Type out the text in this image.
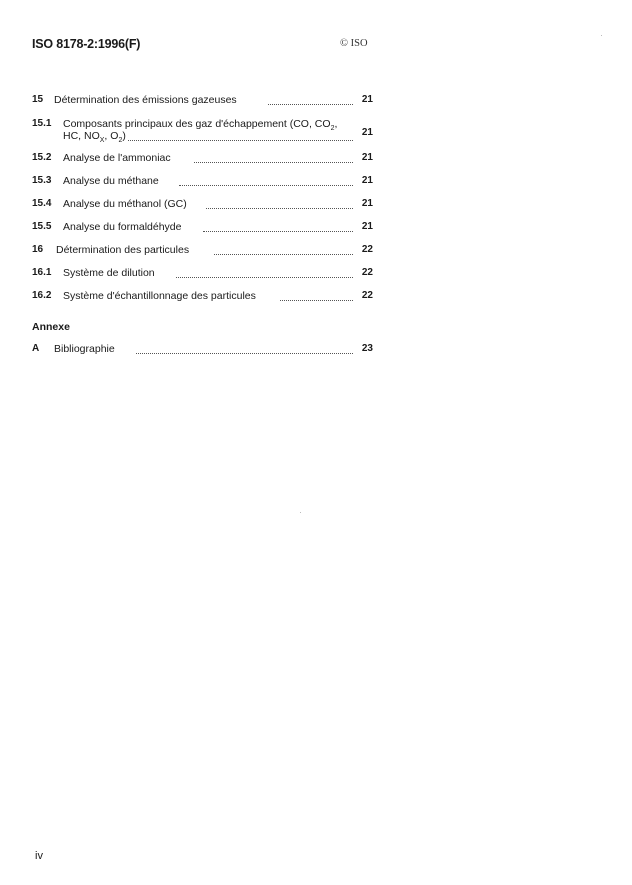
ISO 8178-2:1996(F)	© ISO
15 Détermination des émissions gazeuses	21
15.1 Composants principaux des gaz d'échappement (CO, $CO_2$,
HC, $NO_X$, $O_2$)	21
15.2 Analyse de l'ammoniac	21
15.3 Analyse du méthane	21
15.4 Analyse du méthanol (GC)	21
15.5 Analyse du formaldéhyde	21
16 Détermination des particules	22
16.1 Système de dilution	22
16.2 Système d'échantillonnage des particules	22
Annexe
A Bibliographie	23
iv
